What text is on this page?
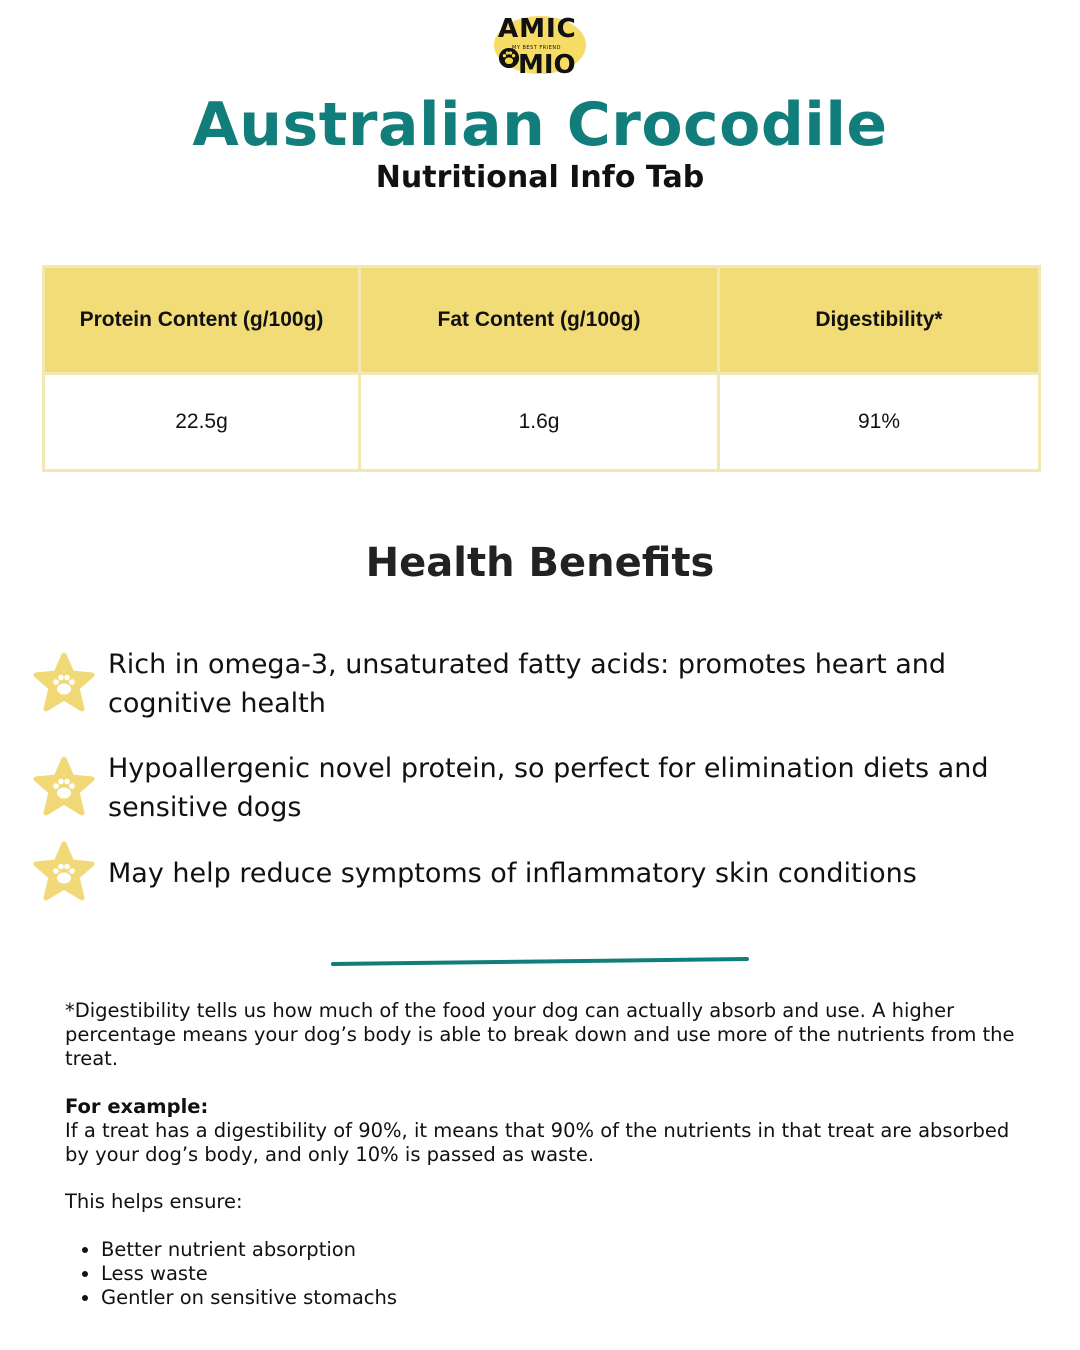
AMIC
MY BEST FRIEND
MIO
Australian Crocodile
Nutritional Info Tab
Protein Content (g/100g)	Fat Content (g/100g)	Digestibility*
22.5g	1.6g	91%
Health Benefits
Rich in omega-3, unsaturated fatty acids: promotes heart and cognitive health
Hypoallergenic novel protein, so perfect for elimination diets and sensitive dogs
May help reduce symptoms of inflammatory skin conditions
*Digestibility tells us how much of the food your dog can actually absorb and use. A higher percentage means your dog’s body is able to break down and use more of the nutrients from the treat.
For example:
If a treat has a digestibility of 90%, it means that 90% of the nutrients in that treat are absorbed by your dog’s body, and only 10% is passed as waste.
This helps ensure:
• Better nutrient absorption
• Less waste
• Gentler on sensitive stomachs
